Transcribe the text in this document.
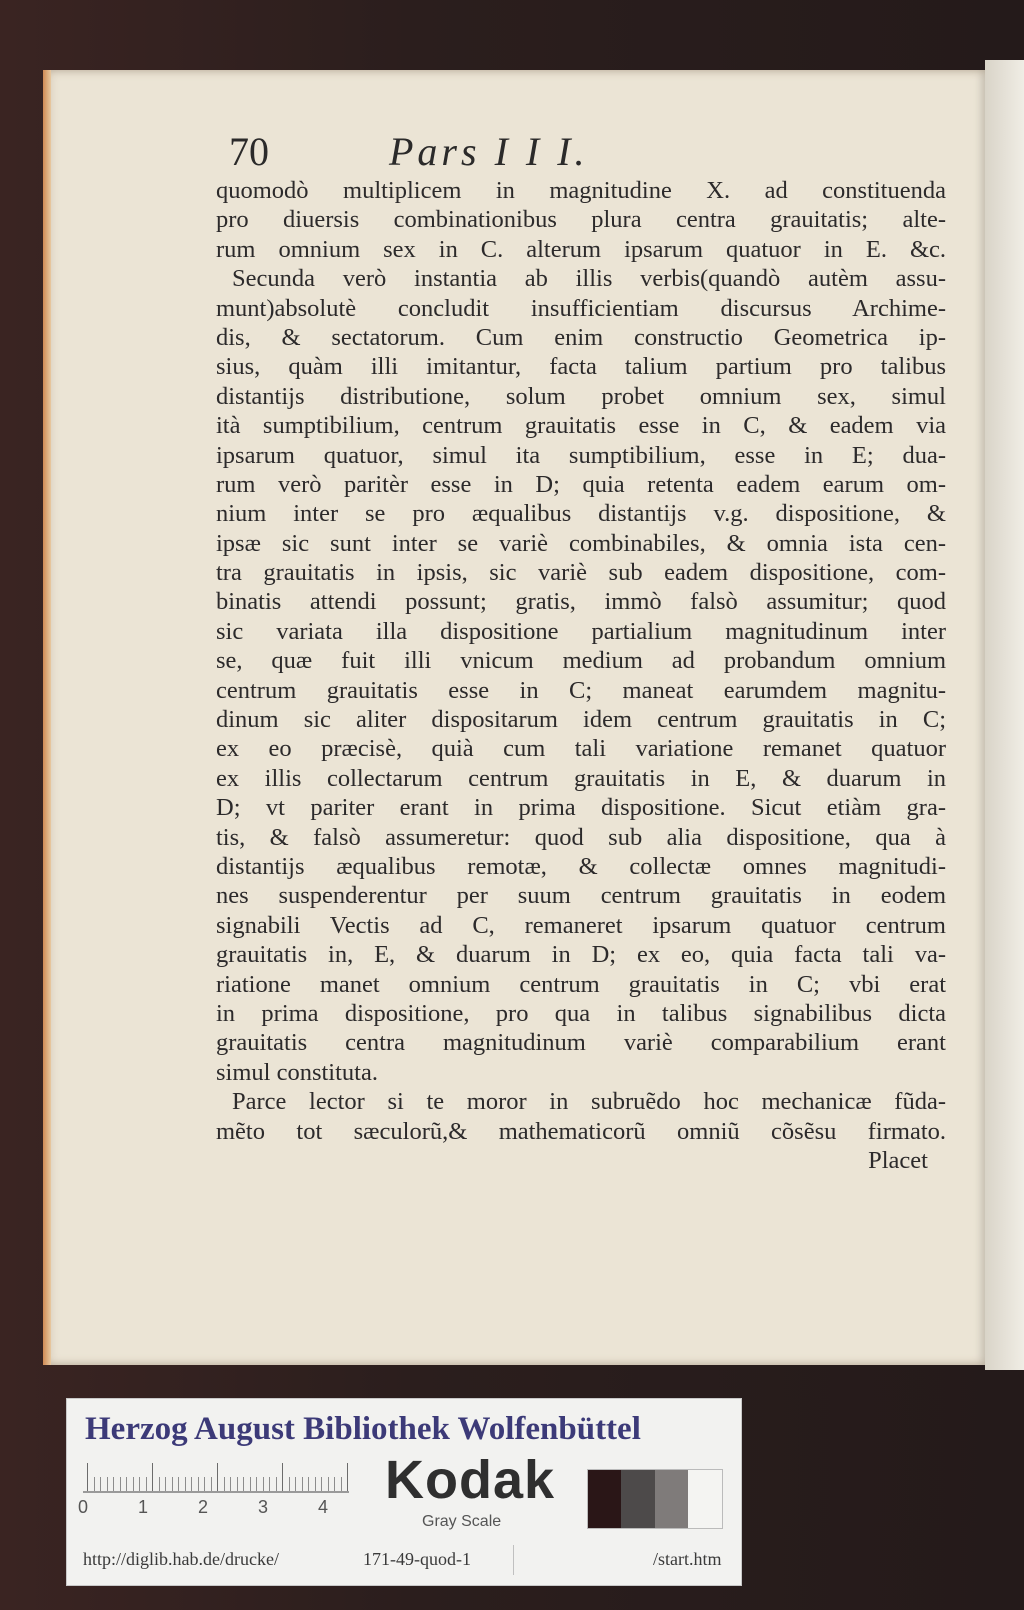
70	Pars I I I.
quomodò multiplicem in magnitudine X. ad constituenda
pro diuersis combinationibus plura centra grauitatis; alte-
rum omnium sex in C. alterum ipsarum quatuor in E. &c.
Secunda verò instantia ab illis verbis(quandò autèm assu-
munt)absolutè concludit insufficientiam discursus Archime-
dis, & sectatorum. Cum enim constructio Geometrica ip-
sius, quàm illi imitantur, facta talium partium pro talibus
distantijs distributione, solum probet omnium sex, simul
ità sumptibilium, centrum grauitatis esse in C, & eadem via
ipsarum quatuor, simul ita sumptibilium, esse in E; dua-
rum verò paritèr esse in D; quia retenta eadem earum om-
nium inter se pro æqualibus distantijs v.g. dispositione, &
ipsæ sic sunt inter se variè combinabiles, & omnia ista cen-
tra grauitatis in ipsis, sic variè sub eadem dispositione, com-
binatis attendi possunt; gratis, immò falsò assumitur; quod
sic variata illa dispositione partialium magnitudinum inter
se, quæ fuit illi vnicum medium ad probandum omnium
centrum grauitatis esse in C; maneat earumdem magnitu-
dinum sic aliter dispositarum idem centrum grauitatis in C;
ex eo præcisè, quià cum tali variatione remanet quatuor
ex illis collectarum centrum grauitatis in E, & duarum in
D; vt pariter erant in prima dispositione. Sicut etiàm gra-
tis, & falsò assumeretur: quod sub alia dispositione, qua à
distantijs æqualibus remotæ, & collectæ omnes magnitudi-
nes suspenderentur per suum centrum grauitatis in eodem
signabili Vectis ad C, remaneret ipsarum quatuor centrum
grauitatis in, E, & duarum in D; ex eo, quia facta tali va-
riatione manet omnium centrum grauitatis in C; vbi erat
in prima dispositione, pro qua in talibus signabilibus dicta
grauitatis centra magnitudinum variè comparabilium erant
simul constituta.
Parce lector si te moror in subruẽdo hoc mechanicæ fũda-
mẽto tot sæculorũ,& mathematicorũ omniũ cõsẽsu firmato.
Placet
Herzog August Bibliothek Wolfenbüttel
0	1	2	3	4 Kodak
Gray Scale
http://diglib.hab.de/drucke/	171-49-quod-1	/start.htm
